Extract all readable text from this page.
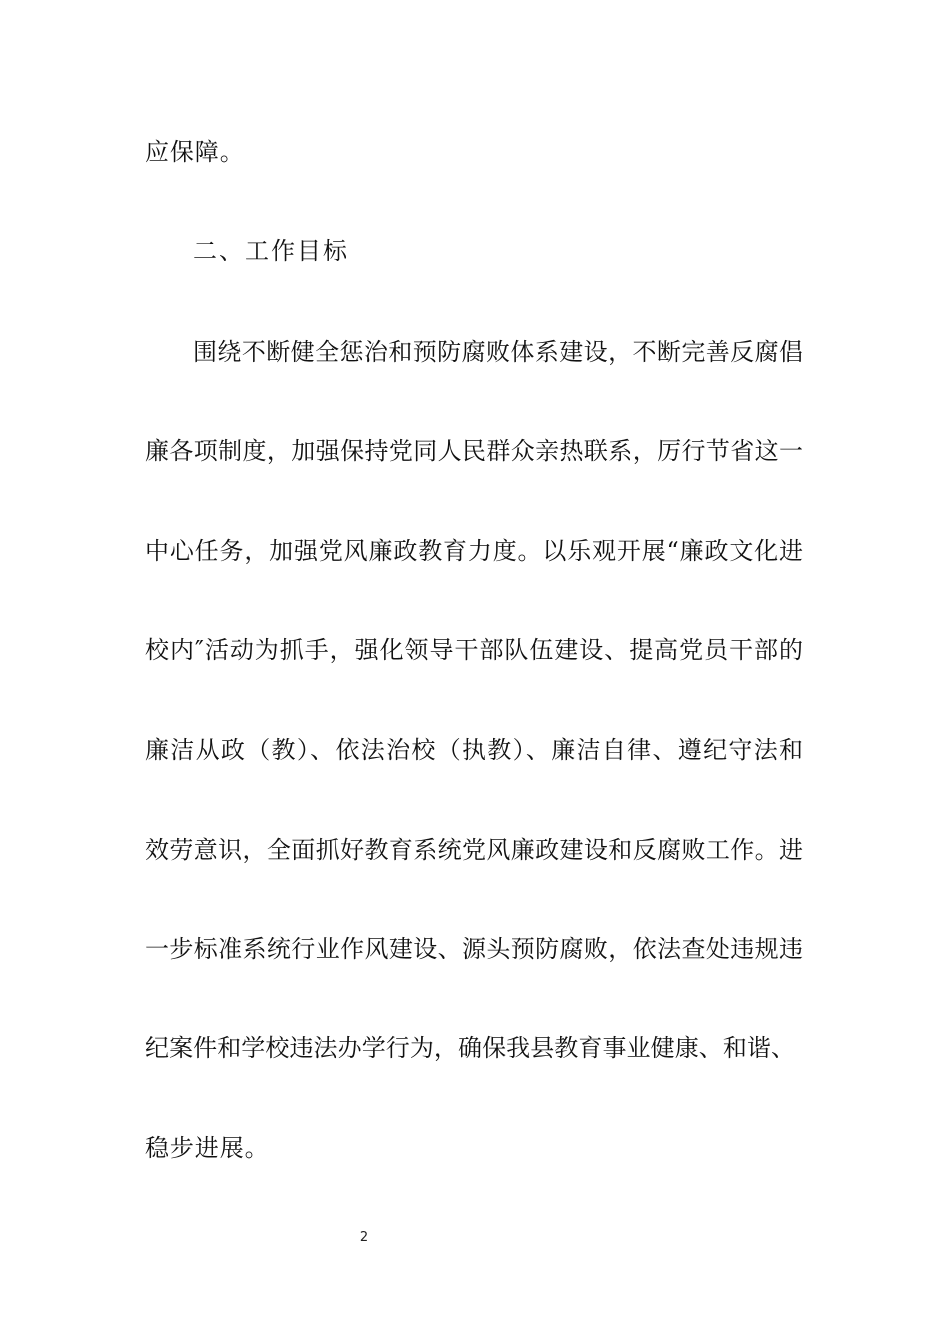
应保障。
二、工作目标
围绕不断健全惩治和预防腐败体系建设，不断完善反腐倡
廉各项制度，加强保持党同人民群众亲热联系，厉行节省这一
中心任务，加强党风廉政教育力度。以乐观开展“廉政文化进
校内″活动为抓手，强化领导干部队伍建设、提高党员干部的
廉洁从政（教）、依法治校（执教）、廉洁自律、遵纪守法和
效劳意识，全面抓好教育系统党风廉政建设和反腐败工作。进
一步标准系统行业作风建设、源头预防腐败，依法查处违规违
纪案件和学校违法办学行为，确保我县教育事业健康、和谐、
稳步进展。
2
